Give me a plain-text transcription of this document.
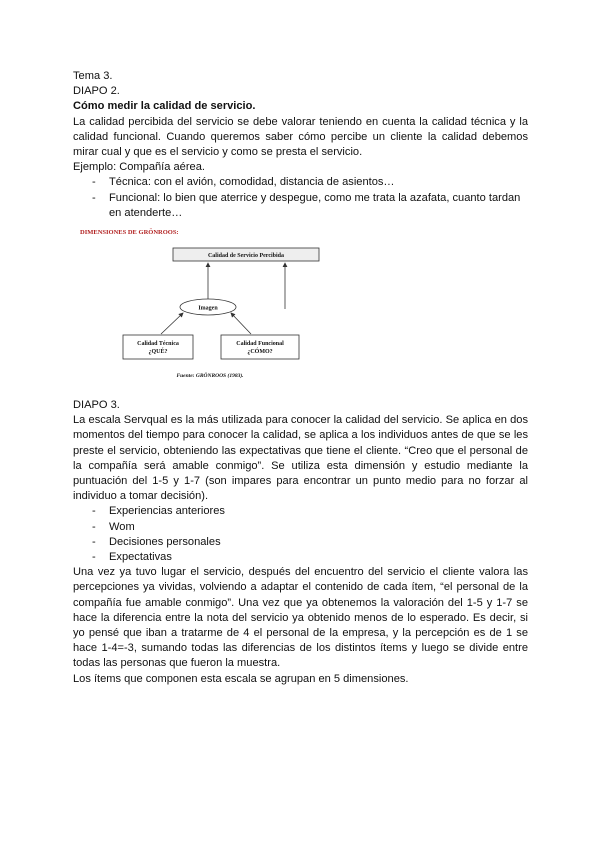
Tema 3.

DIAPO 2.

Cómo medir la calidad de servicio.

La calidad percibida del servicio se debe valorar teniendo en cuenta la calidad técnica y la calidad funcional. Cuando queremos saber cómo percibe un cliente la calidad debemos mirar cual y que es el servicio y como se presta el servicio.

Ejemplo: Compañía aérea.

- Técnica: con el avión, comodidad, distancia de asientos…
- Funcional: lo bien que aterrice y despegue, como me trata la azafata, cuanto tardan en atenderte…
DIMENSIONES DE GRÖNROOS:
Calidad de Servicio Percibida
Imagen
Calidad Técnica
¿QUÉ?
Calidad Funcional
¿CÓMO?
Fuente: GRÖNROOS (1983).

DIAPO 3.

La escala Servqual es la más utilizada para conocer la calidad del servicio. Se aplica en dos momentos del tiempo para conocer la calidad, se aplica a los individuos antes de que se les preste el servicio, obteniendo las expectativas que tiene el cliente. “Creo que el personal de la compañía será amable conmigo”. Se utiliza esta dimensión y estudio mediante la puntuación del 1-5 y 1-7 (son impares para encontrar un punto medio para no forzar al individuo a tomar decisión).

- Experiencias anteriores
- Wom
- Decisiones personales
- Expectativas

Una vez ya tuvo lugar el servicio, después del encuentro del servicio el cliente valora las percepciones ya vividas, volviendo a adaptar el contenido de cada ítem, “el personal de la compañía fue amable conmigo”. Una vez que ya obtenemos la valoración del 1-5 y 1-7 se hace la diferencia entre la nota del servicio ya obtenido menos de lo esperado. Es decir, si yo pensé que iban a tratarme de 4 el personal de la empresa, y la percepción es de 1 se hace 1-4=-3, sumando todas las diferencias de los distintos ítems y luego se divide entre todas las personas que fueron la muestra.

Los ítems que componen esta escala se agrupan en 5 dimensiones.
